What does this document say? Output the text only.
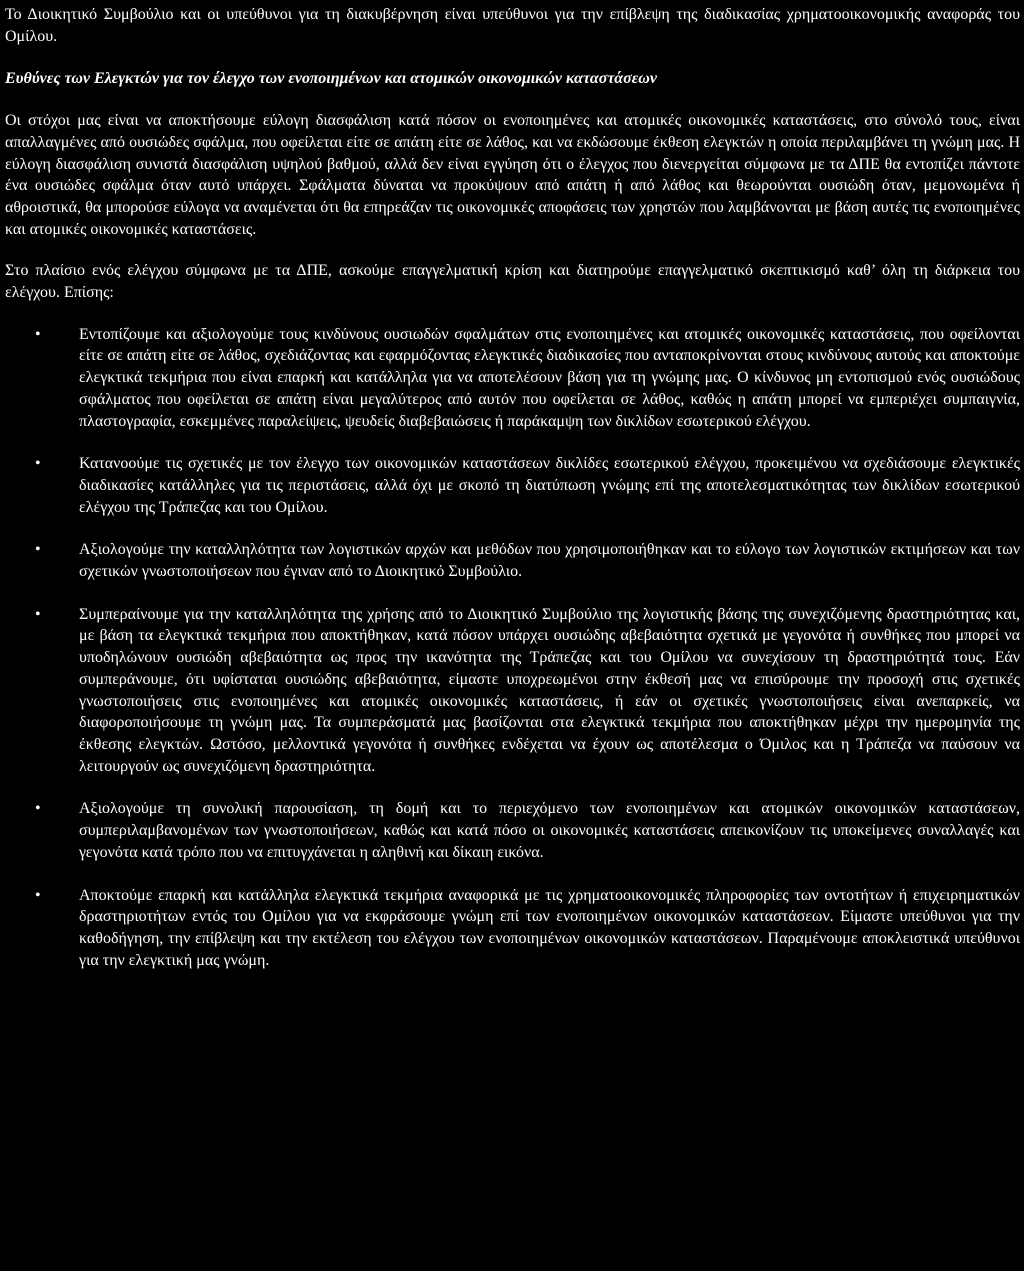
Το Διοικητικό Συμβούλιο και οι υπεύθυνοι για τη διακυβέρνηση είναι υπεύθυνοι για την επίβλεψη της διαδικασίας χρηματοοικονομικής αναφοράς του Ομίλου.

Ευθύνες των Ελεγκτών για τον έλεγχο των ενοποιημένων και ατομικών οικονομικών καταστάσεων

Οι στόχοι μας είναι να αποκτήσουμε εύλογη διασφάλιση κατά πόσον οι ενοποιημένες και ατομικές οικονομικές καταστάσεις, στο σύνολό τους, είναι απαλλαγμένες από ουσιώδες σφάλμα, που οφείλεται είτε σε απάτη είτε σε λάθος, και να εκδώσουμε έκθεση ελεγκτών η οποία περιλαμβάνει τη γνώμη μας. Η εύλογη διασφάλιση συνιστά διασφάλιση υψηλού βαθμού, αλλά δεν είναι εγγύηση ότι ο έλεγχος που διενεργείται σύμφωνα με τα ΔΠΕ θα εντοπίζει πάντοτε ένα ουσιώδες σφάλμα όταν αυτό υπάρχει. Σφάλματα δύναται να προκύψουν από απάτη ή από λάθος και θεωρούνται ουσιώδη όταν, μεμονωμένα ή αθροιστικά, θα μπορούσε εύλογα να αναμένεται ότι θα επηρεάζαν τις οικονομικές αποφάσεις των χρηστών που λαμβάνονται με βάση αυτές τις ενοποιημένες και ατομικές οικονομικές καταστάσεις.

Στο πλαίσιο ενός ελέγχου σύμφωνα με τα ΔΠΕ, ασκούμε επαγγελματική κρίση και διατηρούμε επαγγελματικό σκεπτικισμό καθ’ όλη τη διάρκεια του ελέγχου. Επίσης:

• Εντοπίζουμε και αξιολογούμε τους κινδύνους ουσιωδών σφαλμάτων στις ενοποιημένες και ατομικές οικονομικές καταστάσεις, που οφείλονται είτε σε απάτη είτε σε λάθος, σχεδιάζοντας και εφαρμόζοντας ελεγκτικές διαδικασίες που ανταποκρίνονται στους κινδύνους αυτούς και αποκτούμε ελεγκτικά τεκμήρια που είναι επαρκή και κατάλληλα για να αποτελέσουν βάση για τη γνώμης μας. Ο κίνδυνος μη εντοπισμού ενός ουσιώδους σφάλματος που οφείλεται σε απάτη είναι μεγαλύτερος από αυτόν που οφείλεται σε λάθος, καθώς η απάτη μπορεί να εμπεριέχει συμπαιγνία, πλαστογραφία, εσκεμμένες παραλείψεις, ψευδείς διαβεβαιώσεις ή παράκαμψη των δικλίδων εσωτερικού ελέγχου.
• Κατανοούμε τις σχετικές με τον έλεγχο των οικονομικών καταστάσεων δικλίδες εσωτερικού ελέγχου, προκειμένου να σχεδιάσουμε ελεγκτικές διαδικασίες κατάλληλες για τις περιστάσεις, αλλά όχι με σκοπό τη διατύπωση γνώμης επί της αποτελεσματικότητας των δικλίδων εσωτερικού ελέγχου της Τράπεζας και του Ομίλου.
• Αξιολογούμε την καταλληλότητα των λογιστικών αρχών και μεθόδων που χρησιμοποιήθηκαν και το εύλογο των λογιστικών εκτιμήσεων και των σχετικών γνωστοποιήσεων που έγιναν από το Διοικητικό Συμβούλιο.
• Συμπεραίνουμε για την καταλληλότητα της χρήσης από το Διοικητικό Συμβούλιο της λογιστικής βάσης της συνεχιζόμενης δραστηριότητας και, με βάση τα ελεγκτικά τεκμήρια που αποκτήθηκαν, κατά πόσον υπάρχει ουσιώδης αβεβαιότητα σχετικά με γεγονότα ή συνθήκες που μπορεί να υποδηλώνουν ουσιώδη αβεβαιότητα ως προς την ικανότητα της Τράπεζας και του Ομίλου να συνεχίσουν τη δραστηριότητά τους. Εάν συμπεράνουμε, ότι υφίσταται ουσιώδης αβεβαιότητα, είμαστε υποχρεωμένοι στην έκθεσή μας να επισύρουμε την προσοχή στις σχετικές γνωστοποιήσεις στις ενοποιημένες και ατομικές οικονομικές καταστάσεις, ή εάν οι σχετικές γνωστοποιήσεις είναι ανεπαρκείς, να διαφοροποιήσουμε τη γνώμη μας. Τα συμπεράσματά μας βασίζονται στα ελεγκτικά τεκμήρια που αποκτήθηκαν μέχρι την ημερομηνία της έκθεσης ελεγκτών. Ωστόσο, μελλοντικά γεγονότα ή συνθήκες ενδέχεται να έχουν ως αποτέλεσμα ο Όμιλος και η Τράπεζα να παύσουν να λειτουργούν ως συνεχιζόμενη δραστηριότητα.
• Αξιολογούμε τη συνολική παρουσίαση, τη δομή και το περιεχόμενο των ενοποιημένων και ατομικών οικονομικών καταστάσεων, συμπεριλαμβανομένων των γνωστοποιήσεων, καθώς και κατά πόσο οι οικονομικές καταστάσεις απεικονίζουν τις υποκείμενες συναλλαγές και γεγονότα κατά τρόπο που να επιτυγχάνεται η αληθινή και δίκαιη εικόνα.
• Αποκτούμε επαρκή και κατάλληλα ελεγκτικά τεκμήρια αναφορικά με τις χρηματοοικονομικές πληροφορίες των οντοτήτων ή επιχειρηματικών δραστηριοτήτων εντός του Ομίλου για να εκφράσουμε γνώμη επί των ενοποιημένων οικονομικών καταστάσεων. Είμαστε υπεύθυνοι για την καθοδήγηση, την επίβλεψη και την εκτέλεση του ελέγχου των ενοποιημένων οικονομικών καταστάσεων. Παραμένουμε αποκλειστικά υπεύθυνοι για την ελεγκτική μας γνώμη.
